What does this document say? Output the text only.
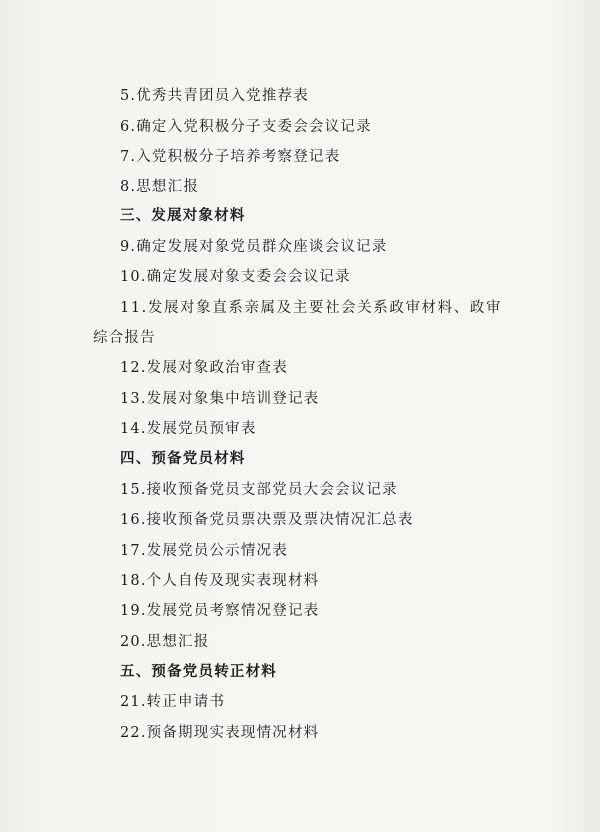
5.优秀共青团员入党推荐表
6.确定入党积极分子支委会会议记录
7.入党积极分子培养考察登记表
8.思想汇报
三、发展对象材料
9.确定发展对象党员群众座谈会议记录
10.确定发展对象支委会会议记录
11.发展对象直系亲属及主要社会关系政审材料、政审
综合报告
12.发展对象政治审查表
13.发展对象集中培训登记表
14.发展党员预审表
四、预备党员材料
15.接收预备党员支部党员大会会议记录
16.接收预备党员票决票及票决情况汇总表
17.发展党员公示情况表
18.个人自传及现实表现材料
19.发展党员考察情况登记表
20.思想汇报
五、预备党员转正材料
21.转正申请书
22.预备期现实表现情况材料
